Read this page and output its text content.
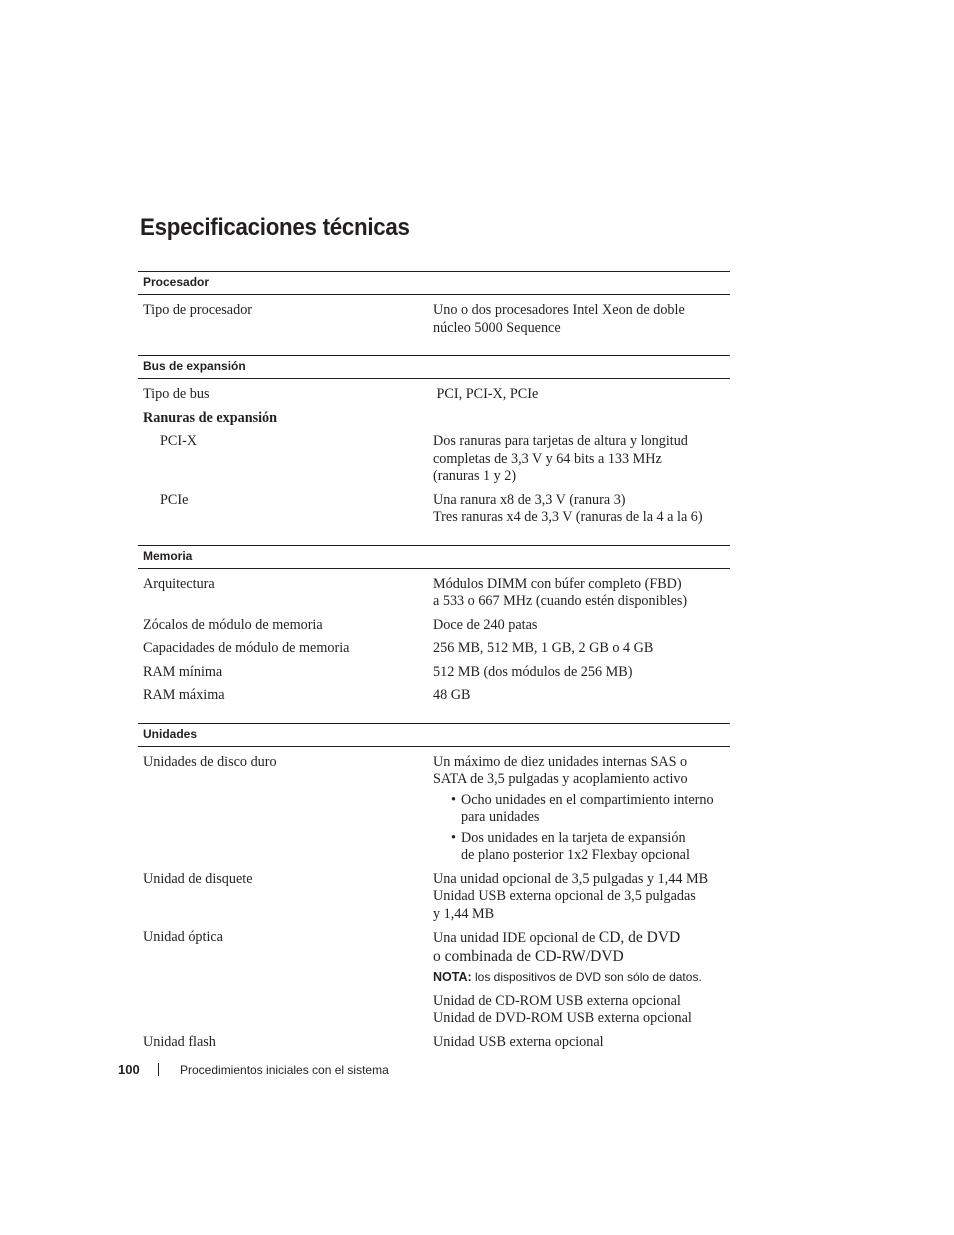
Especificaciones técnicas
Procesador
Tipo de procesador	Uno o dos procesadores Intel Xeon de doble
núcleo 5000 Sequence
Bus de expansión
Tipo de bus	PCI, PCI-X, PCIe
Ranuras de expansión
PCI-X	Dos ranuras para tarjetas de altura y longitud
completas de 3,3 V y 64 bits a 133 MHz
(ranuras 1 y 2)
PCIe	Una ranura x8 de 3,3 V (ranura 3)
Tres ranuras x4 de 3,3 V (ranuras de la 4 a la 6)
Memoria
Arquitectura	Módulos DIMM con búfer completo (FBD)
a 533 o 667 MHz (cuando estén disponibles)
Zócalos de módulo de memoria	Doce de 240 patas
Capacidades de módulo de memoria	256 MB, 512 MB, 1 GB, 2 GB o 4 GB
RAM mínima	512 MB (dos módulos de 256 MB)
RAM máxima	48 GB
Unidades
Unidades de disco duro	Un máximo de diez unidades internas SAS o
SATA de 3,5 pulgadas y acoplamiento activo
• Ocho unidades en el compartimiento interno
para unidades
• Dos unidades en la tarjeta de expansión
de plano posterior 1x2 Flexbay opcional
Unidad de disquete	Una unidad opcional de 3,5 pulgadas y 1,44 MB
Unidad USB externa opcional de 3,5 pulgadas
y 1,44 MB
Unidad óptica	Una unidad IDE opcional de CD, de DVD
o combinada de CD-RW/DVD
NOTA: los dispositivos de DVD son sólo de datos.
Unidad de CD-ROM USB externa opcional
Unidad de DVD-ROM USB externa opcional
Unidad flash	Unidad USB externa opcional
100	Procedimientos iniciales con el sistema
